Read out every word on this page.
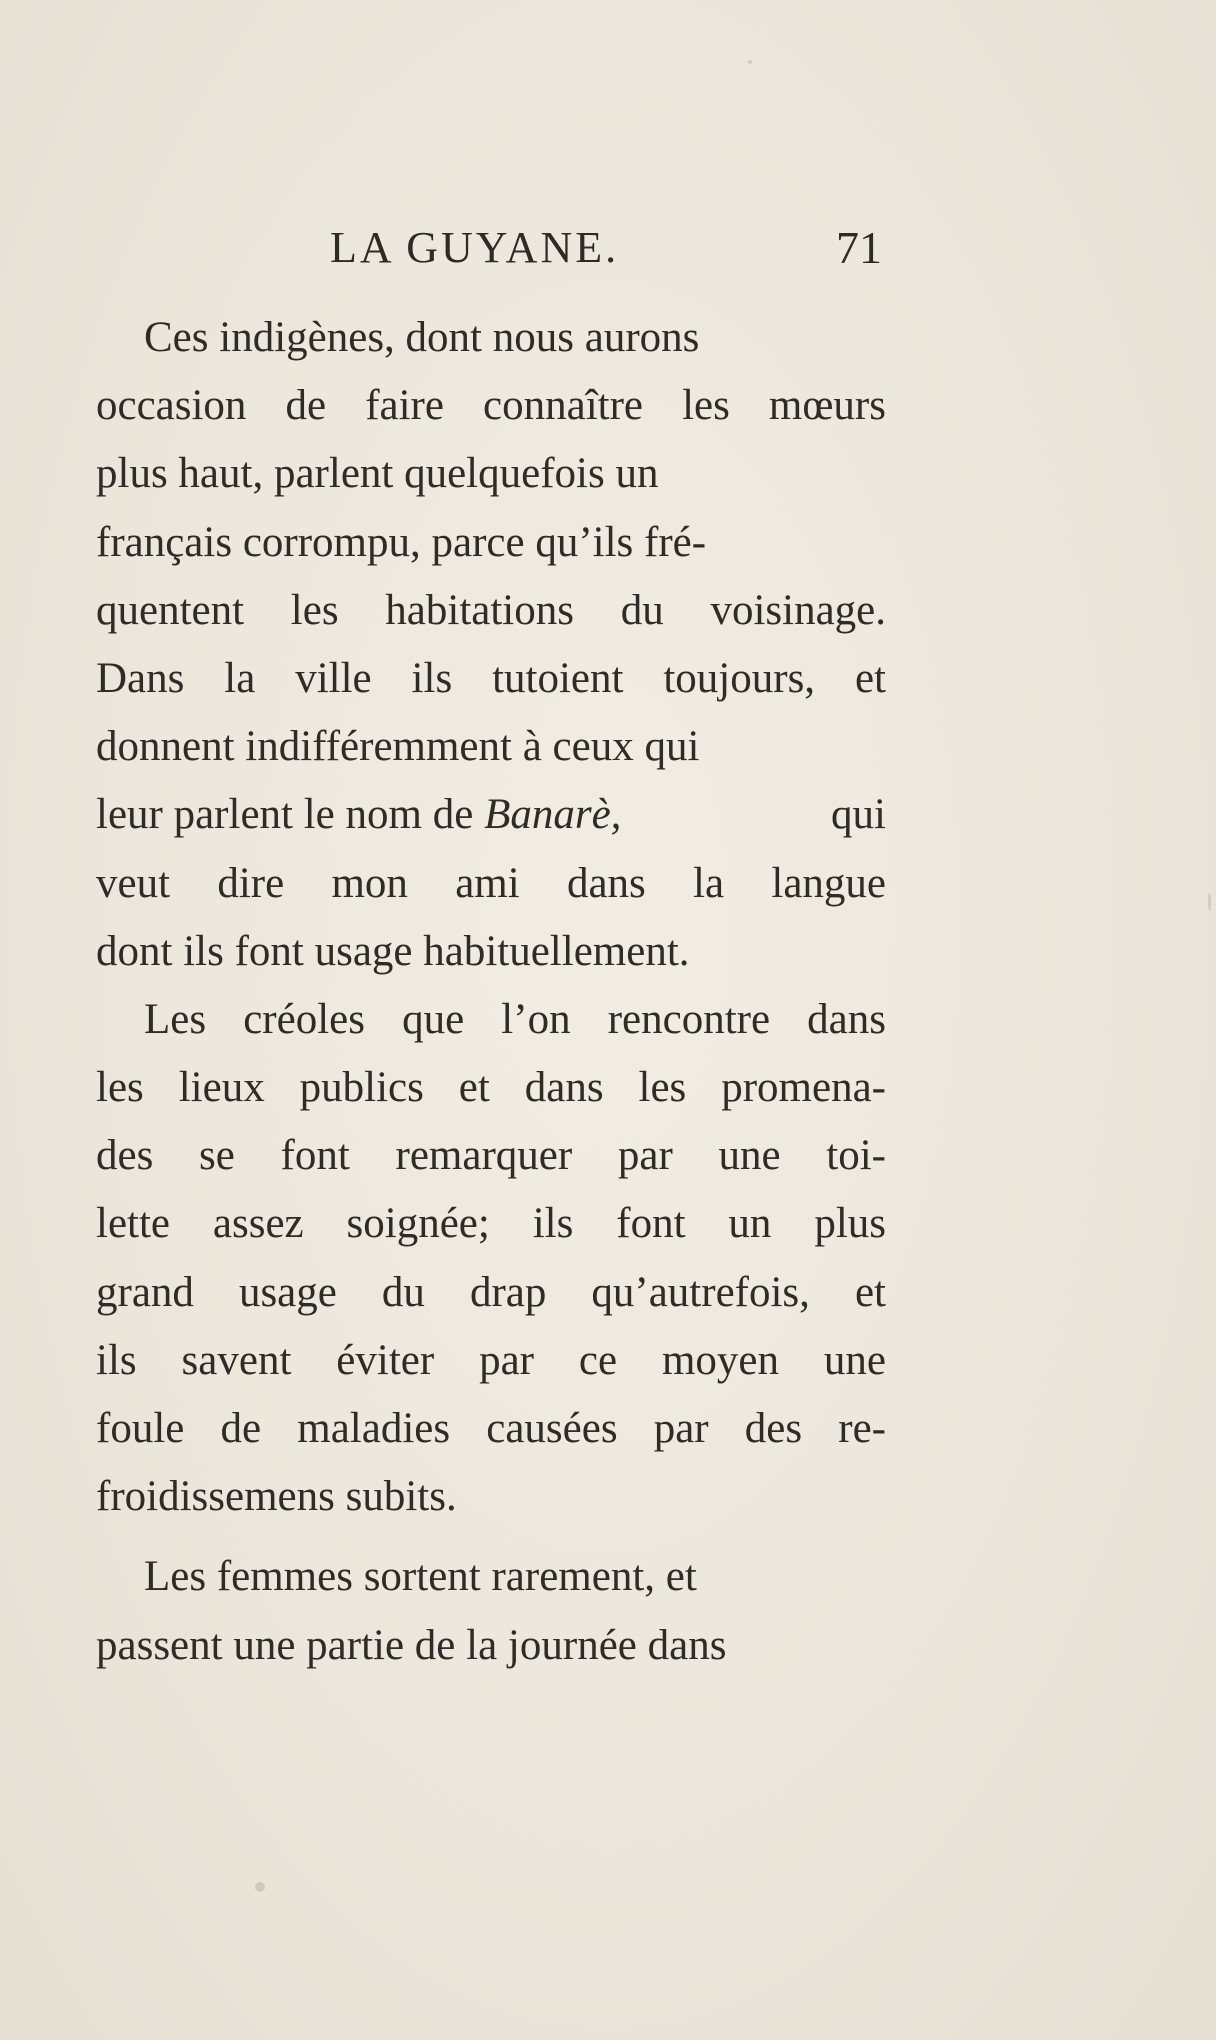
LA GUYANE.	71
Ces indigènes, dont nous aurons
occasion de faire connaître les mœurs
plus haut, parlent quelquefois un
français corrompu, parce qu’ils fré-
quentent les habitations du voisinage.
Dans la ville ils tutoient toujours, et
donnent indifféremment à ceux qui
leur parlent le nom de Banarè,	qui
veut dire mon ami dans la langue
dont ils font usage habituellement.
Les créoles que l’on rencontre dans
les lieux publics et dans les promena-
des se font remarquer par une toi-
lette assez soignée; ils font un plus
grand usage du drap qu’autrefois, et
ils savent éviter par ce moyen une
foule de maladies causées par des re-
froidissemens subits.
Les femmes sortent rarement, et
passent une partie de la journée dans
